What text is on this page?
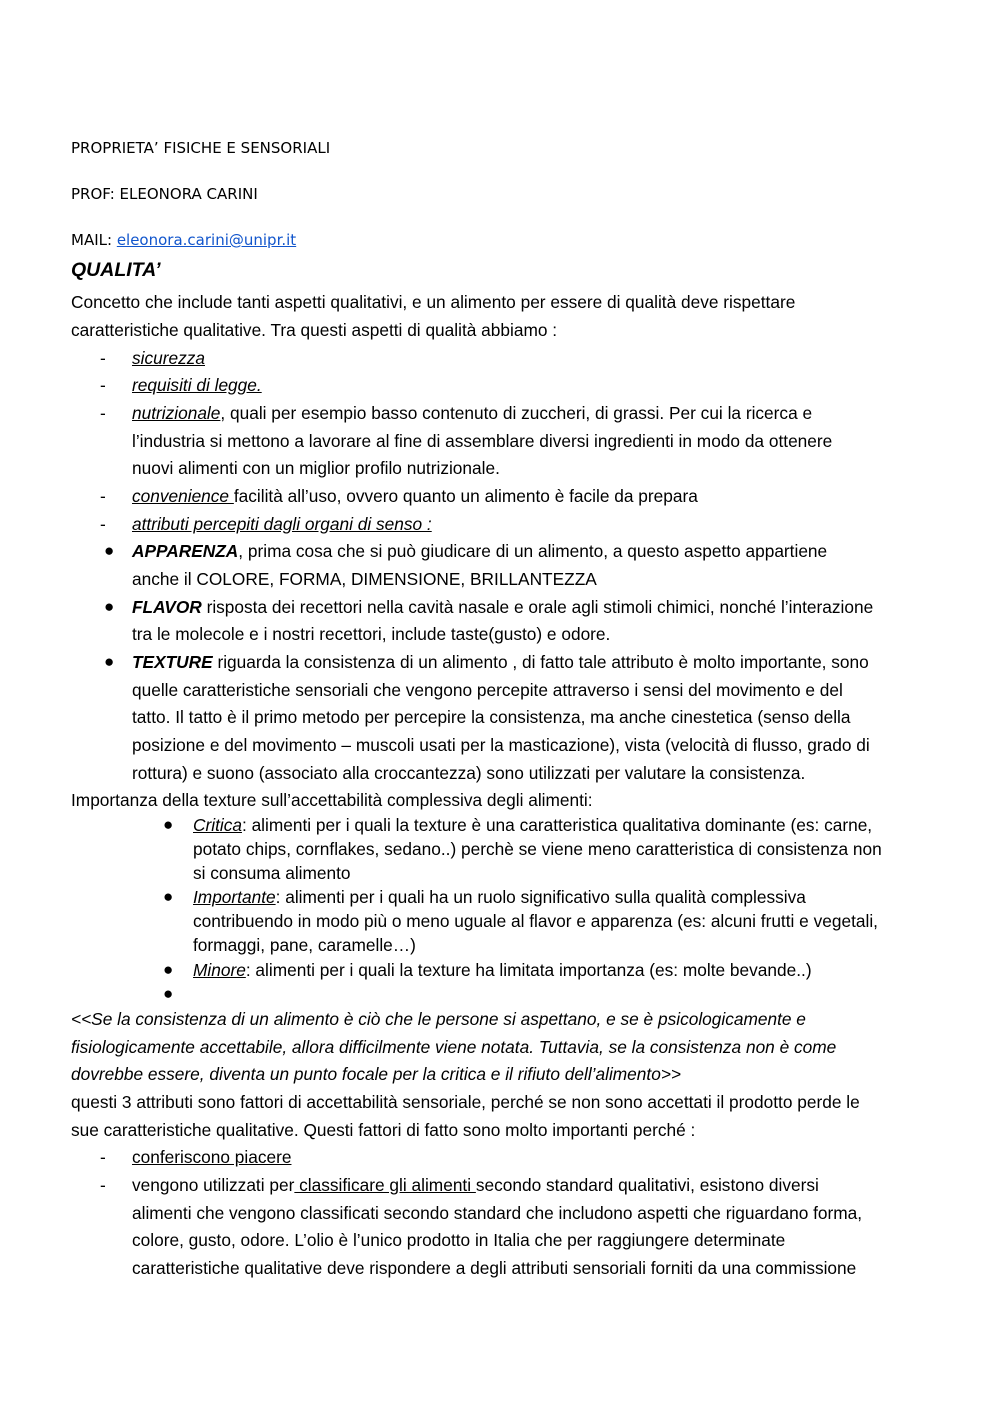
PROPRIETA’ FISICHE E SENSORIALI
PROF: ELEONORA CARINI
MAIL: eleonora.carini@unipr.it
QUALITA’
Concetto che include tanti aspetti qualitativi, e un alimento per essere di qualità deve rispettare
caratteristiche qualitative. Tra questi aspetti di qualità abbiamo :
- sicurezza
- requisiti di legge.
- nutrizionale, quali per esempio basso contenuto di zuccheri, di grassi. Per cui la ricerca e
l’industria si mettono a lavorare al fine di assemblare diversi ingredienti in modo da ottenere
nuovi alimenti con un miglior profilo nutrizionale.
- convenience facilità all’uso, ovvero quanto un alimento è facile da prepara
- attributi percepiti dagli organi di senso :
● APPARENZA, prima cosa che si può giudicare di un alimento, a questo aspetto appartiene
anche il COLORE, FORMA, DIMENSIONE, BRILLANTEZZA
● FLAVOR risposta dei recettori nella cavità nasale e orale agli stimoli chimici, nonché l’interazione
tra le molecole e i nostri recettori, include taste(gusto) e odore.
● TEXTURE riguarda la consistenza di un alimento , di fatto tale attributo è molto importante, sono
quelle caratteristiche sensoriali che vengono percepite attraverso i sensi del movimento e del
tatto. Il tatto è il primo metodo per percepire la consistenza, ma anche cinestetica (senso della
posizione e del movimento – muscoli usati per la masticazione), vista (velocità di flusso, grado di
rottura) e suono (associato alla croccantezza) sono utilizzati per valutare la consistenza.
Importanza della texture sull’accettabilità complessiva degli alimenti:
● Critica: alimenti per i quali la texture è una caratteristica qualitativa dominante (es: carne,
potato chips, cornflakes, sedano..) perchè se viene meno caratteristica di consistenza non
si consuma alimento
● Importante: alimenti per i quali ha un ruolo significativo sulla qualità complessiva
contribuendo in modo più o meno uguale al flavor e apparenza (es: alcuni frutti e vegetali,
formaggi, pane, caramelle…)
● Minore: alimenti per i quali la texture ha limitata importanza (es: molte bevande..)
●
<<Se la consistenza di un alimento è ciò che le persone si aspettano, e se è psicologicamente e
fisiologicamente accettabile, allora difficilmente viene notata. Tuttavia, se la consistenza non è come
dovrebbe essere, diventa un punto focale per la critica e il rifiuto dell’alimento>>
questi 3 attributi sono fattori di accettabilità sensoriale, perché se non sono accettati il prodotto perde le
sue caratteristiche qualitative. Questi fattori di fatto sono molto importanti perché :
- conferiscono piacere
- vengono utilizzati per classificare gli alimenti secondo standard qualitativi, esistono diversi
alimenti che vengono classificati secondo standard che includono aspetti che riguardano forma,
colore, gusto, odore. L’olio è l’unico prodotto in Italia che per raggiungere determinate
caratteristiche qualitative deve rispondere a degli attributi sensoriali forniti da una commissione
